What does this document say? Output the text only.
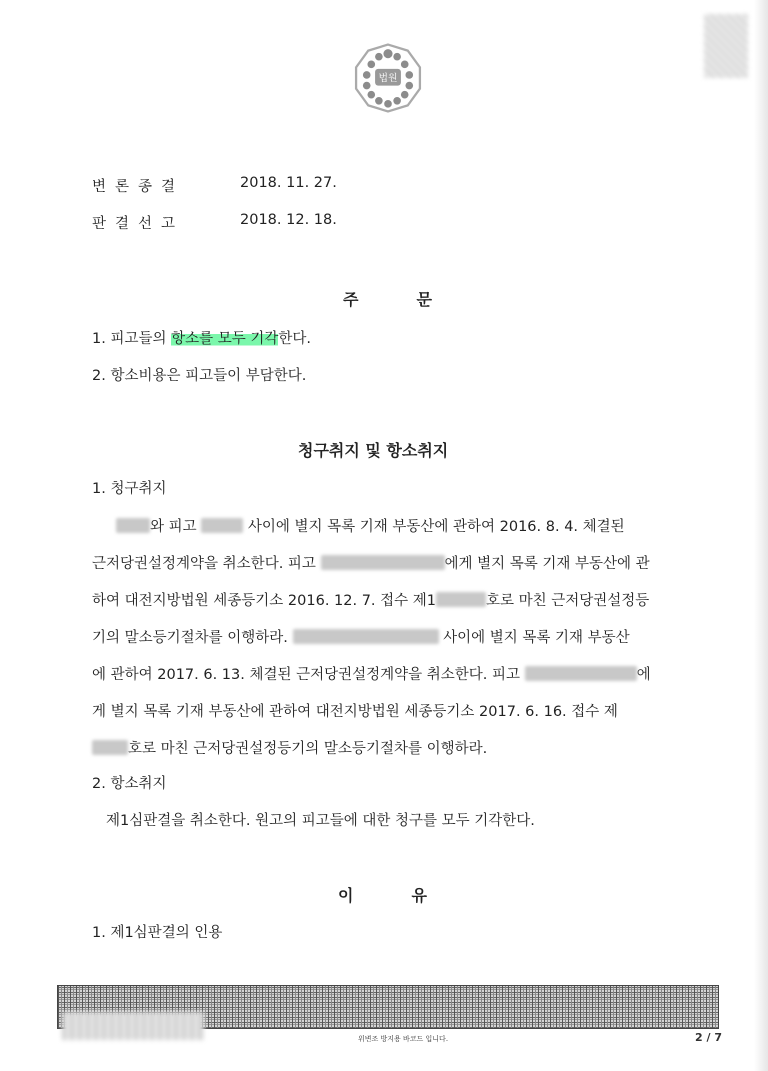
법원
변론종결	2018. 11. 27.
판결선고	2018. 12. 18.
주문
1. 피고들의 항소를 모두 기각한다.
2. 항소비용은 피고들이 부담한다.
청구취지 및 항소취지
1. 청구취지
와 피고	사이에 별지 목록 기재 부동산에 관하여 2016. 8. 4. 체결된
근저당권설정계약을 취소한다. 피고	에게 별지 목록 기재 부동산에 관
하여 대전지방법원 세종등기소 2016. 12. 7. 접수 제1	호로 마친 근저당권설정등
기의 말소등기절차를 이행하라.	사이에 별지 목록 기재 부동산
에 관하여 2017. 6. 13. 체결된 근저당권설정계약을 취소한다. 피고	에
게 별지 목록 기재 부동산에 관하여 대전지방법원 세종등기소 2017. 6. 16. 접수 제
호로 마친 근저당권설정등기의 말소등기절차를 이행하라.
2. 항소취지
제1심판결을 취소한다. 원고의 피고들에 대한 청구를 모두 기각한다.
이유
1. 제1심판결의 인용
위변조 방지용 바코드 입니다.	2 / 7
